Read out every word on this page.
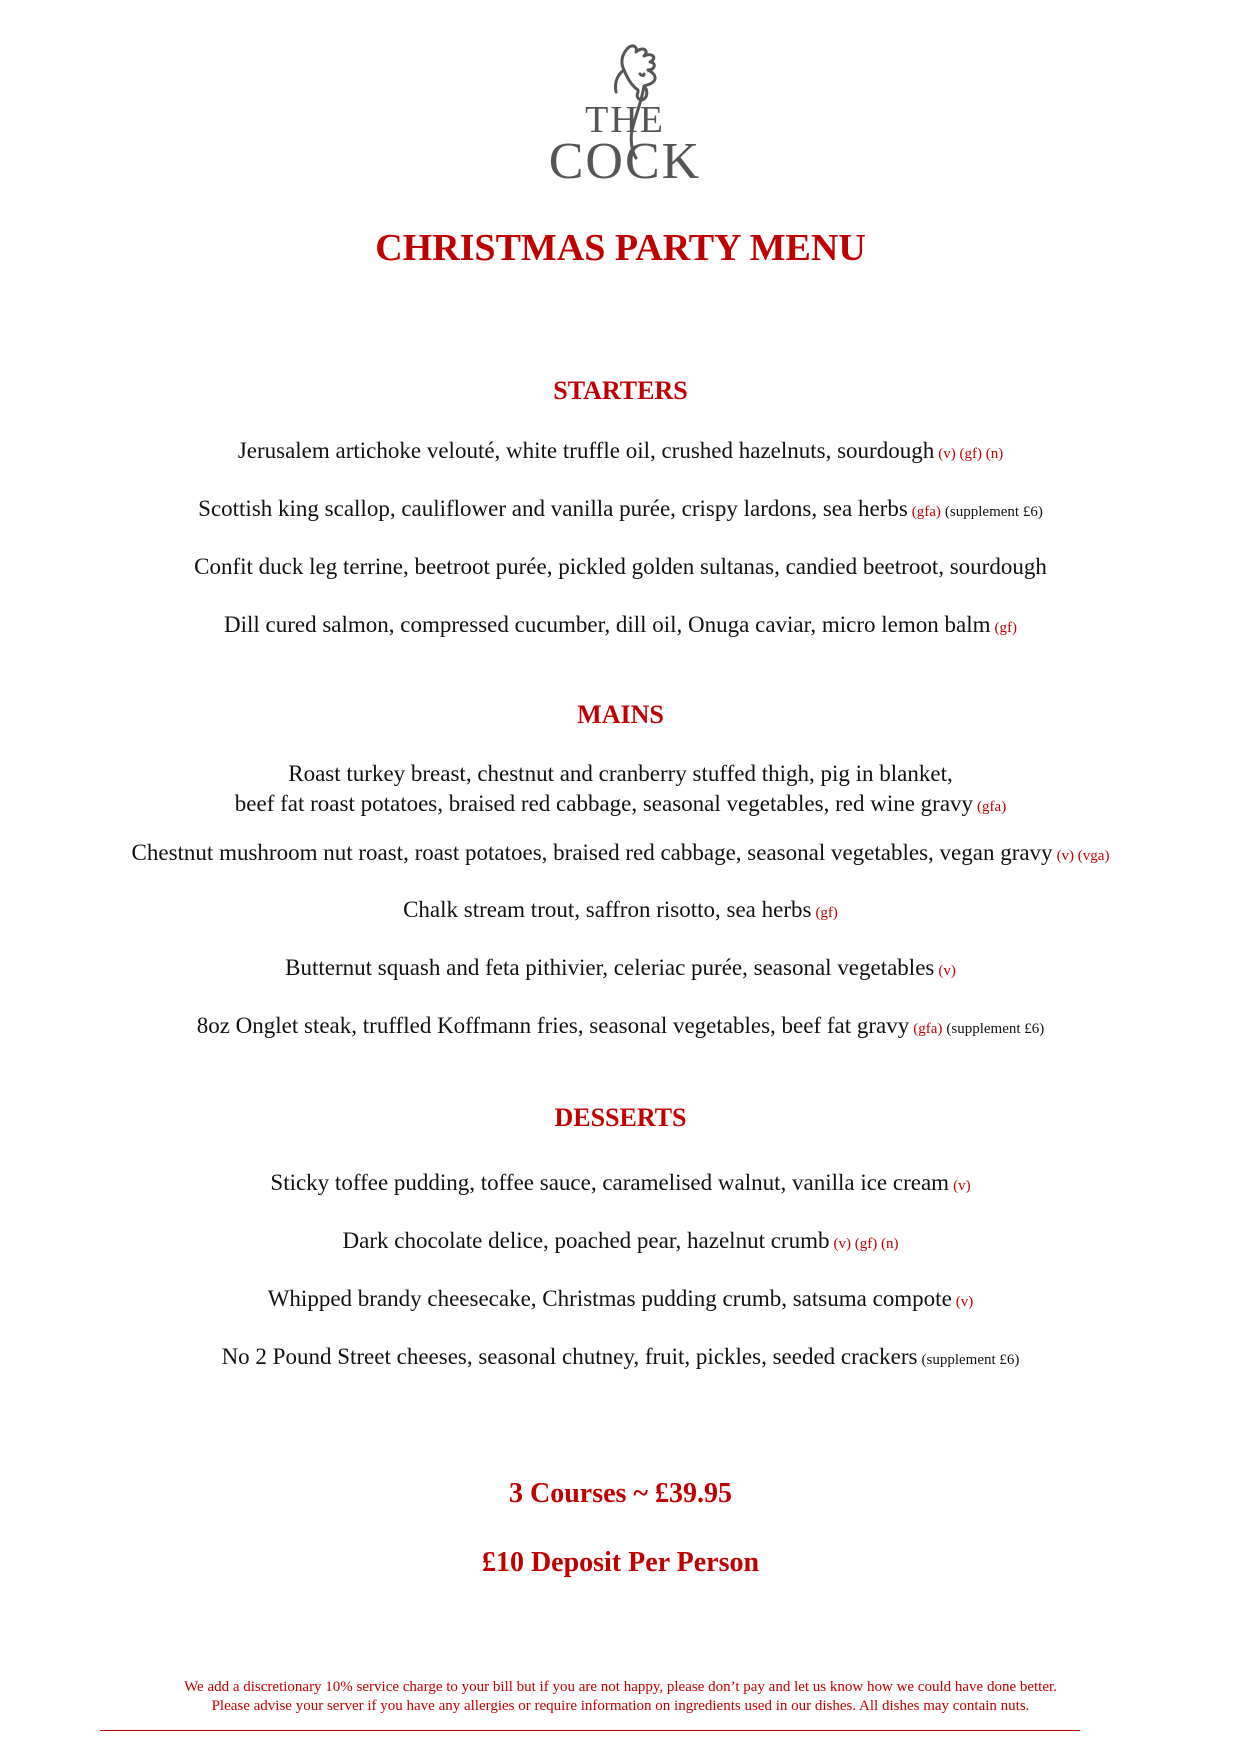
THE
COCK
CHRISTMAS PARTY MENU
STARTERS
Jerusalem artichoke velouté, white truffle oil, crushed hazelnuts, sourdough (v) (gf) (n)
Scottish king scallop, cauliflower and vanilla purée, crispy lardons, sea herbs (gfa) (supplement £6)
Confit duck leg terrine, beetroot purée, pickled golden sultanas, candied beetroot, sourdough
Dill cured salmon, compressed cucumber, dill oil, Onuga caviar, micro lemon balm (gf)
MAINS
Roast turkey breast, chestnut and cranberry stuffed thigh, pig in blanket,
beef fat roast potatoes, braised red cabbage, seasonal vegetables, red wine gravy (gfa)
Chestnut mushroom nut roast, roast potatoes, braised red cabbage, seasonal vegetables, vegan gravy (v) (vga)
Chalk stream trout, saffron risotto, sea herbs (gf)
Butternut squash and feta pithivier, celeriac purée, seasonal vegetables (v)
8oz Onglet steak, truffled Koffmann fries, seasonal vegetables, beef fat gravy (gfa) (supplement £6)
DESSERTS
Sticky toffee pudding, toffee sauce, caramelised walnut, vanilla ice cream (v)
Dark chocolate delice, poached pear, hazelnut crumb (v) (gf) (n)
Whipped brandy cheesecake, Christmas pudding crumb, satsuma compote (v)
No 2 Pound Street cheeses, seasonal chutney, fruit, pickles, seeded crackers (supplement £6)
3 Courses ~ £39.95
£10 Deposit Per Person
We add a discretionary 10% service charge to your bill but if you are not happy, please don’t pay and let us know how we could have done better.
Please advise your server if you have any allergies or require information on ingredients used in our dishes. All dishes may contain nuts.
